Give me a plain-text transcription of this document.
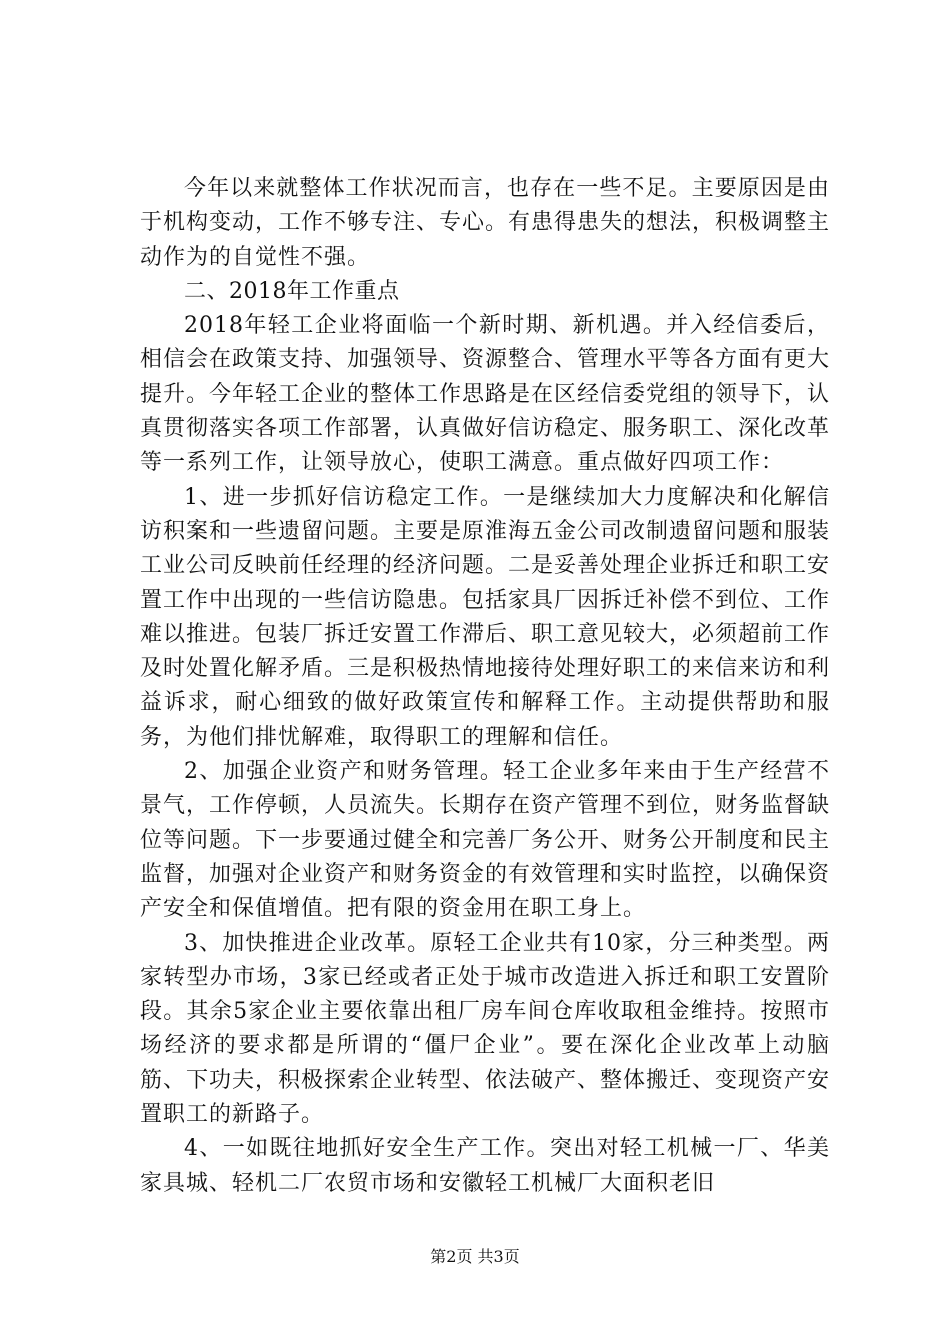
今年以来就整体工作状况而言，也存在一些不足。主要原因是由于机构变动，工作不够专注、专心。有患得患失的想法，积极调整主动作为的自觉性不强。

二、2018年工作重点

2018年轻工企业将面临一个新时期、新机遇。并入经信委后，相信会在政策支持、加强领导、资源整合、管理水平等各方面有更大提升。今年轻工企业的整体工作思路是在区经信委党组的领导下，认真贯彻落实各项工作部署，认真做好信访稳定、服务职工、深化改革等一系列工作，让领导放心，使职工满意。重点做好四项工作：

1、进一步抓好信访稳定工作。一是继续加大力度解决和化解信访积案和一些遗留问题。主要是原淮海五金公司改制遗留问题和服装工业公司反映前任经理的经济问题。二是妥善处理企业拆迁和职工安置工作中出现的一些信访隐患。包括家具厂因拆迁补偿不到位、工作难以推进。包装厂拆迁安置工作滞后、职工意见较大，必须超前工作及时处置化解矛盾。三是积极热情地接待处理好职工的来信来访和利益诉求，耐心细致的做好政策宣传和解释工作。主动提供帮助和服务，为他们排忧解难，取得职工的理解和信任。

2、加强企业资产和财务管理。轻工企业多年来由于生产经营不景气，工作停顿，人员流失。长期存在资产管理不到位，财务监督缺位等问题。下一步要通过健全和完善厂务公开、财务公开制度和民主监督，加强对企业资产和财务资金的有效管理和实时监控，以确保资产安全和保值增值。把有限的资金用在职工身上。

3、加快推进企业改革。原轻工企业共有10家，分三种类型。两家转型办市场，3家已经或者正处于城市改造进入拆迁和职工安置阶段。其余5家企业主要依靠出租厂房车间仓库收取租金维持。按照市场经济的要求都是所谓的“僵尸企业”。要在深化企业改革上动脑筋、下功夫，积极探索企业转型、依法破产、整体搬迁、变现资产安置职工的新路子。

4、一如既往地抓好安全生产工作。突出对轻工机械一厂、华美家具城、轻机二厂农贸市场和安徽轻工机械厂大面积老旧

第2页 共3页
